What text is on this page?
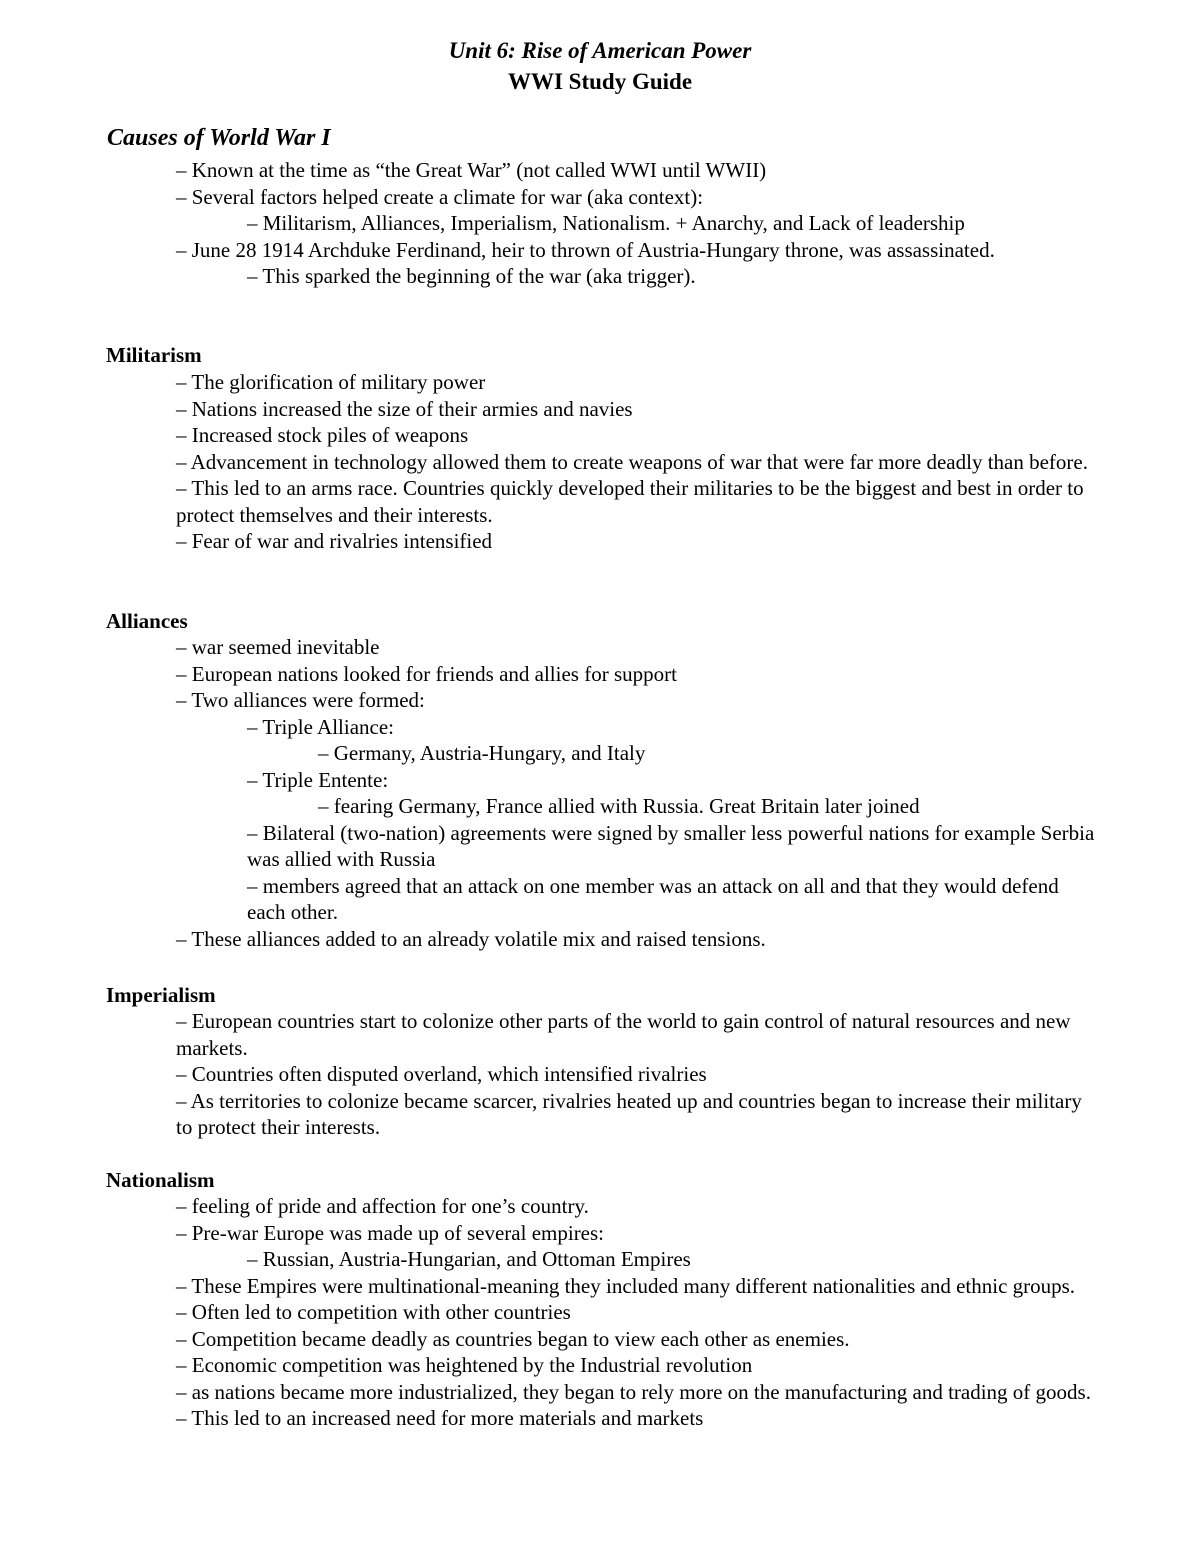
Unit 6: Rise of American Power
WWI Study Guide
Causes of World War I
– Known at the time as “the Great War” (not called WWI until WWII)
– Several factors helped create a climate for war (aka context):
– Militarism, Alliances, Imperialism, Nationalism. + Anarchy, and Lack of leadership
– June 28 1914 Archduke Ferdinand, heir to thrown of Austria-Hungary throne, was assassinated.
– This sparked the beginning of the war (aka trigger).
Militarism
– The glorification of military power
– Nations increased the size of their armies and navies
– Increased stock piles of weapons
– Advancement in technology allowed them to create weapons of war that were far more deadly than before.
– This led to an arms race. Countries quickly developed their militaries to be the biggest and best in order to protect themselves and their interests.
– Fear of war and rivalries intensified
Alliances
– war seemed inevitable
– European nations looked for friends and allies for support
– Two alliances were formed:
– Triple Alliance:
– Germany, Austria-Hungary, and Italy
– Triple Entente:
– fearing Germany, France allied with Russia. Great Britain later joined
– Bilateral (two-nation) agreements were signed by smaller less powerful nations for example Serbia was allied with Russia
– members agreed that an attack on one member was an attack on all and that they would defend each other.
– These alliances added to an already volatile mix and raised tensions.
Imperialism
– European countries start to colonize other parts of the world to gain control of natural resources and new markets.
– Countries often disputed overland, which intensified rivalries
– As territories to colonize became scarcer, rivalries heated up and countries began to increase their military to protect their interests.
Nationalism
– feeling of pride and affection for one’s country.
– Pre-war Europe was made up of several empires:
– Russian, Austria-Hungarian, and Ottoman Empires
– These Empires were multinational-meaning they included many different nationalities and ethnic groups.
– Often led to competition with other countries
– Competition became deadly as countries began to view each other as enemies.
– Economic competition was heightened by the Industrial revolution
– as nations became more industrialized, they began to rely more on the manufacturing and trading of goods.
– This led to an increased need for more materials and markets
